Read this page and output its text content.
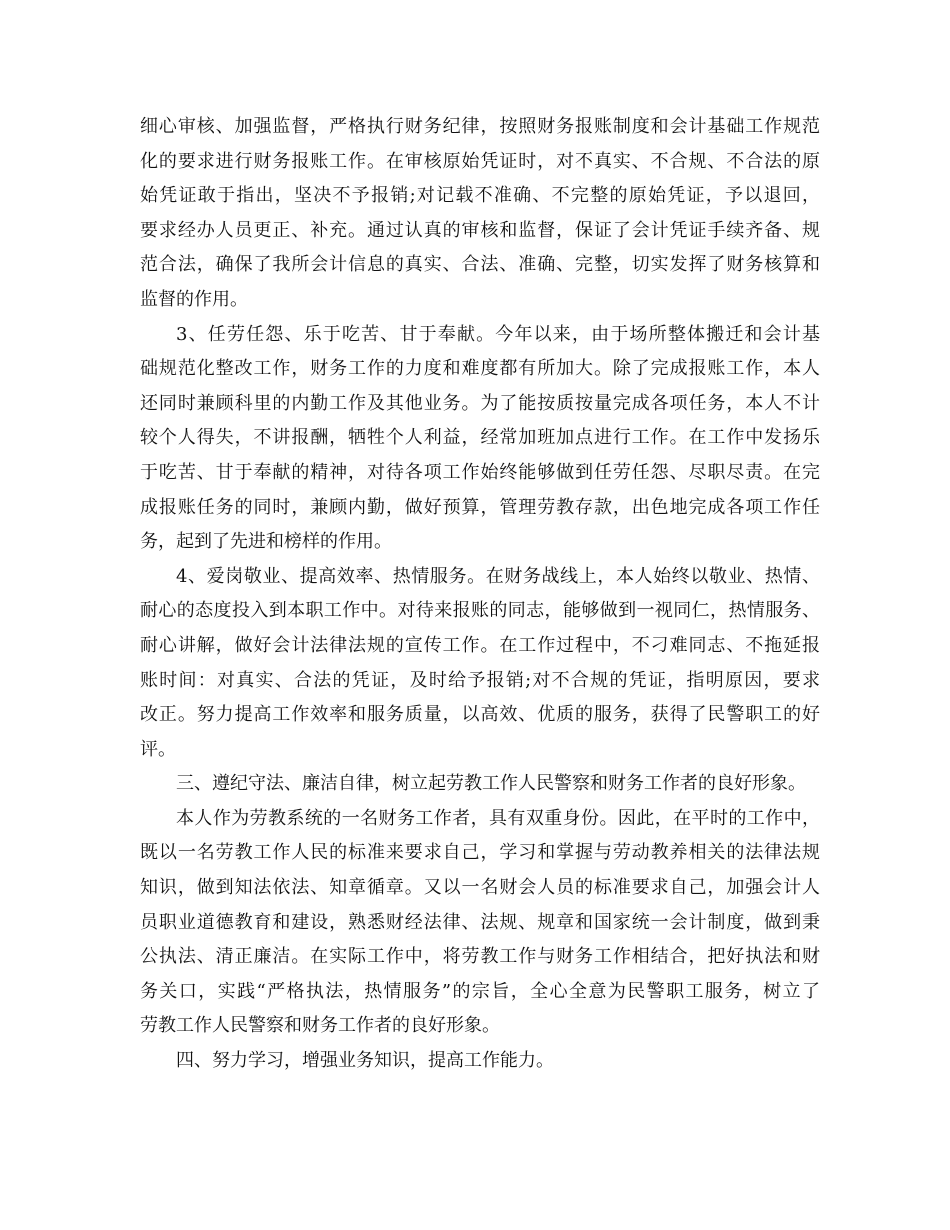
细心审核、加强监督，严格执行财务纪律，按照财务报账制度和会计基础工作规范
化的要求进行财务报账工作。在审核原始凭证时，对不真实、不合规、不合法的原
始凭证敢于指出，坚决不予报销;对记载不准确、不完整的原始凭证，予以退回，
要求经办人员更正、补充。通过认真的审核和监督，保证了会计凭证手续齐备、规
范合法，确保了我所会计信息的真实、合法、准确、完整，切实发挥了财务核算和
监督的作用。
3、任劳任怨、乐于吃苦、甘于奉献。今年以来，由于场所整体搬迁和会计基
础规范化整改工作，财务工作的力度和难度都有所加大。除了完成报账工作，本人
还同时兼顾科里的内勤工作及其他业务。为了能按质按量完成各项任务，本人不计
较个人得失，不讲报酬，牺牲个人利益，经常加班加点进行工作。在工作中发扬乐
于吃苦、甘于奉献的精神，对待各项工作始终能够做到任劳任怨、尽职尽责。在完
成报账任务的同时，兼顾内勤，做好预算，管理劳教存款，出色地完成各项工作任
务，起到了先进和榜样的作用。
4、爱岗敬业、提高效率、热情服务。在财务战线上，本人始终以敬业、热情、
耐心的态度投入到本职工作中。对待来报账的同志，能够做到一视同仁，热情服务、
耐心讲解，做好会计法律法规的宣传工作。在工作过程中，不刁难同志、不拖延报
账时间：对真实、合法的凭证，及时给予报销;对不合规的凭证，指明原因，要求
改正。努力提高工作效率和服务质量，以高效、优质的服务，获得了民警职工的好
评。
三、遵纪守法、廉洁自律，树立起劳教工作人民警察和财务工作者的良好形象。
本人作为劳教系统的一名财务工作者，具有双重身份。因此，在平时的工作中，
既以一名劳教工作人民的标准来要求自己，学习和掌握与劳动教养相关的法律法规
知识，做到知法依法、知章循章。又以一名财会人员的标准要求自己，加强会计人
员职业道德教育和建设，熟悉财经法律、法规、规章和国家统一会计制度，做到秉
公执法、清正廉洁。在实际工作中，将劳教工作与财务工作相结合，把好执法和财
务关口，实践“严格执法，热情服务”的宗旨，全心全意为民警职工服务，树立了
劳教工作人民警察和财务工作者的良好形象。
四、努力学习，增强业务知识，提高工作能力。
